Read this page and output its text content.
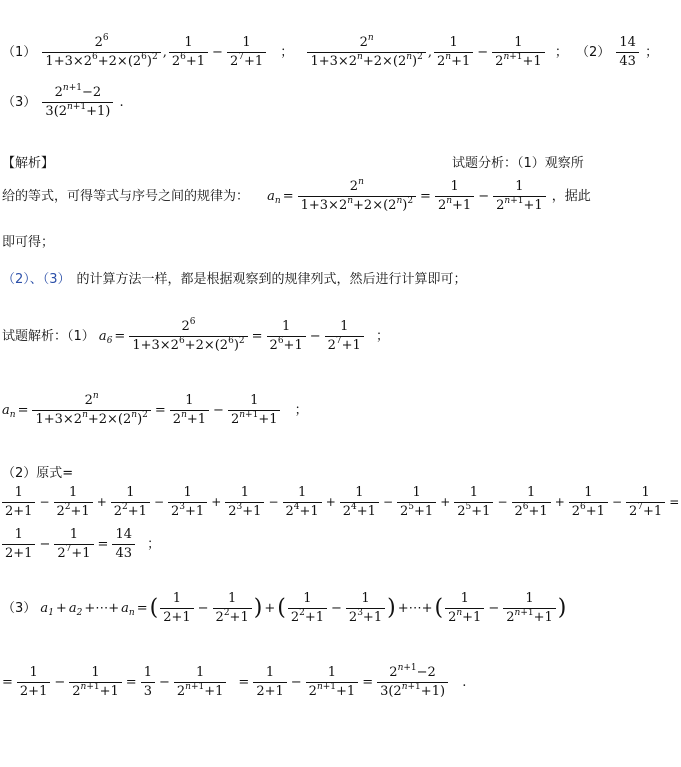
$(1) \frac{2^6}{1+3\times 2^6+2\times(2^6)^2}$ , $\frac{1}{2^6+1} - \frac{1}{2^7+1}$ ； $\frac{2^n}{1+3\times 2^n+2\times(2^n)^2}$ , $\frac{1}{2^n+1} - \frac{1}{2^{n+1}+1}$ ； $(2) \frac{14}{43}$ ；
$(3) \frac{2^{n+1}-2}{3(2^{n+1}+1)}$ .
【解析】	试题分析：（1）观察所
给的等式，可得等式与序号之间的规律为： $a_n = \frac{2^n}{1+3\times 2^n+2\times(2^n)^2} = \frac{1}{2^n+1} - \frac{1}{2^{n+1}+1}$ ，据此
即可得；
（2）、（3） 的计算方法一样，都是根据观察到的规律列式，然后进行计算即可；
试题解析：（1） $a_6 = \frac{2^6}{1+3\times 2^6+2\times(2^6)^2} = \frac{1}{2^6+1} - \frac{1}{2^7+1}$ ；
$a_n = \frac{2^n}{1+3\times 2^n+2\times(2^n)^2} = \frac{1}{2^n+1} - \frac{1}{2^{n+1}+1}$ ；
（2）原式=
$\frac{1}{2+1} - \frac{1}{2^2+1} + \frac{1}{2^2+1} - \frac{1}{2^3+1} + \frac{1}{2^3+1} - \frac{1}{2^4+1} + \frac{1}{2^4+1} - \frac{1}{2^5+1} + \frac{1}{2^5+1} - \frac{1}{2^6+1} + \frac{1}{2^6+1} - \frac{1}{2^7+1}$ =
$\frac{1}{2+1} - \frac{1}{2^7+1} = \frac{14}{43}$ ；
（3） $a_1 + a_2$ +⋯+ $a_n$ =( $\frac{1}{2+1} - \frac{1}{2^2+1}$ ) +( $\frac{1}{2^2+1} - \frac{1}{2^3+1}$ ) +⋯+( $\frac{1}{2^n+1} - \frac{1}{2^{n+1}+1}$ )
= $\frac{1}{2+1} - \frac{1}{2^{n+1}+1} = \frac{1}{3} - \frac{1}{2^{n+1}+1} = \frac{1}{2+1} - \frac{1}{2^{n+1}+1} = \frac{2^{n+1}-2}{3(2^{n+1}+1)}$ .
